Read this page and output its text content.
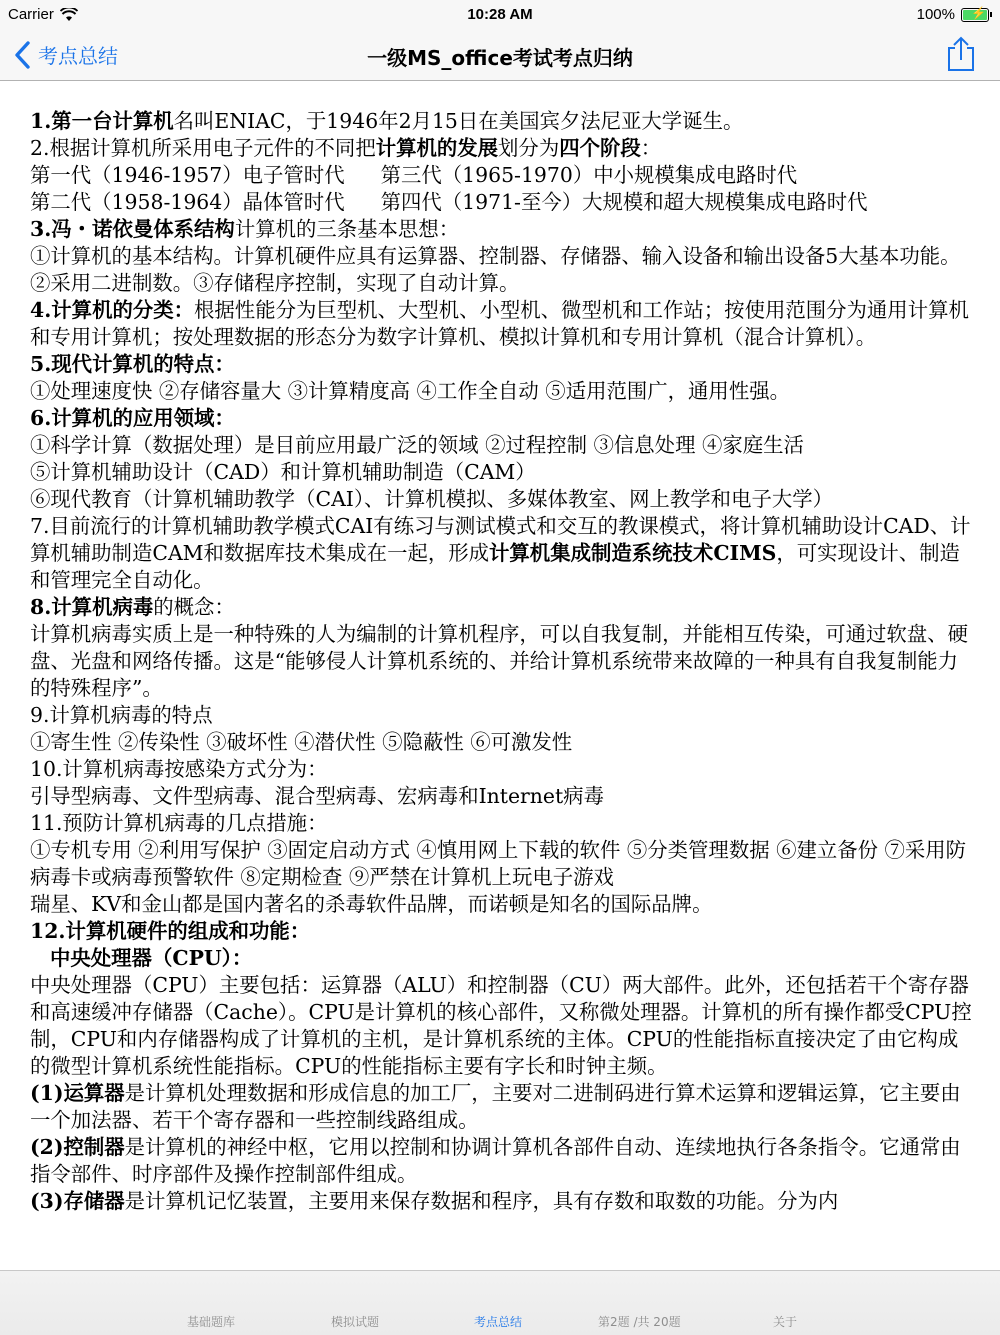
Carrier	10:28 AM	100% ⚡
考点总结	一级MS_office考试考点归纳

1.第一台计算机名叫ENIAC，于1946年2月15日在美国宾夕法尼亚大学诞生。

2.根据计算机所采用电子元件的不同把计算机的发展划分为四个阶段：

第一代（1946-1957）电子管时代 第三代（1965-1970）中小规模集成电路时代

第二代（1958-1964）晶体管时代 第四代（1971-至今）大规模和超大规模集成电路时代

3.冯・诺依曼体系结构计算机的三条基本思想：

①计算机的基本结构。计算机硬件应具有运算器、控制器、存储器、输入设备和输出设备5大基本功能。②采用二进制数。③存储程序控制，实现了自动计算。

4.计算机的分类：根据性能分为巨型机、大型机、小型机、微型机和工作站；按使用范围分为通用计算机和专用计算机；按处理数据的形态分为数字计算机、模拟计算机和专用计算机（混合计算机）。

5.现代计算机的特点：

①处理速度快 ②存储容量大 ③计算精度高 ④工作全自动 ⑤适用范围广，通用性强。

6.计算机的应用领域：

①科学计算（数据处理）是目前应用最广泛的领域 ②过程控制 ③信息处理 ④家庭生活

⑤计算机辅助设计（CAD）和计算机辅助制造（CAM）

⑥现代教育（计算机辅助教学（CAI）、计算机模拟、多媒体教室、网上教学和电子大学）

7.目前流行的计算机辅助教学模式CAI有练习与测试模式和交互的教课模式，将计算机辅助设计CAD、计算机辅助制造CAM和数据库技术集成在一起，形成计算机集成制造系统技术CIMS，可实现设计、制造和管理完全自动化。

8.计算机病毒的概念：

计算机病毒实质上是一种特殊的人为编制的计算机程序，可以自我复制，并能相互传染，可通过软盘、硬盘、光盘和网络传播。这是“能够侵人计算机系统的、并给计算机系统带来故障的一种具有自我复制能力的特殊程序”。

9.计算机病毒的特点

①寄生性 ②传染性 ③破坏性 ④潜伏性 ⑤隐蔽性 ⑥可激发性

10.计算机病毒按感染方式分为：

引导型病毒、文件型病毒、混合型病毒、宏病毒和Internet病毒

11.预防计算机病毒的几点措施：

①专机专用 ②利用写保护 ③固定启动方式 ④慎用网上下载的软件 ⑤分类管理数据 ⑥建立备份 ⑦采用防病毒卡或病毒预警软件 ⑧定期检查 ⑨严禁在计算机上玩电子游戏

瑞星、KV和金山都是国内著名的杀毒软件品牌，而诺顿是知名的国际品牌。

12.计算机硬件的组成和功能：

中央处理器（CPU）：

中央处理器（CPU）主要包括：运算器（ALU）和控制器（CU）两大部件。此外，还包括若干个寄存器和高速缓冲存储器（Cache）。CPU是计算机的核心部件，又称微处理器。计算机的所有操作都受CPU控制，CPU和内存储器构成了计算机的主机，是计算机系统的主体。CPU的性能指标直接决定了由它构成的微型计算机系统性能指标。CPU的性能指标主要有字长和时钟主频。

(1)运算器是计算机处理数据和形成信息的加工厂，主要对二进制码进行算术运算和逻辑运算，它主要由一个加法器、若干个寄存器和一些控制线路组成。

(2)控制器是计算机的神经中枢，它用以控制和协调计算机各部件自动、连续地执行各条指令。它通常由指令部件、时序部件及操作控制部件组成。

(3)存储器是计算机记忆装置，主要用来保存数据和程序，具有存数和取数的功能。分为内

基础题库	模拟试题	考点总结	第2题 /共 20题	关于
